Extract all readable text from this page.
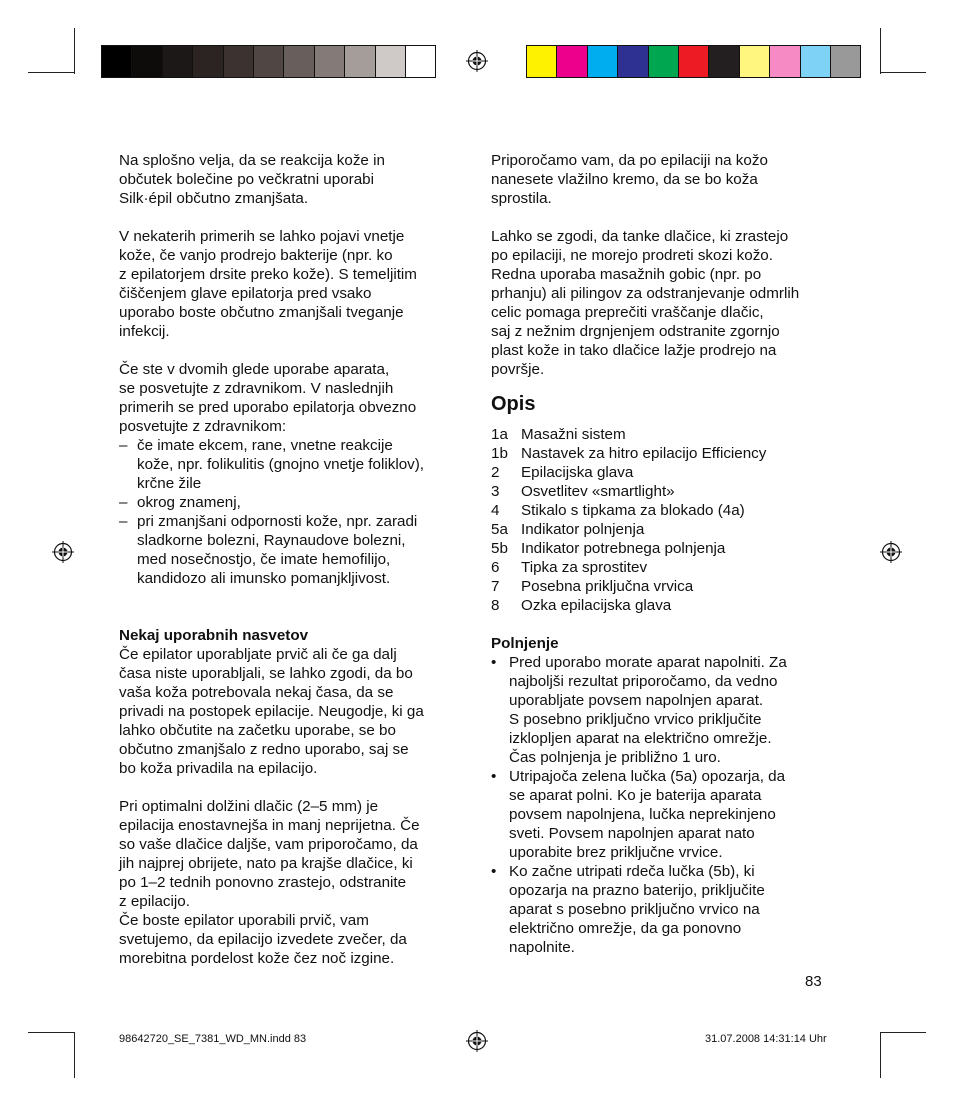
Na splošno velja, da se reakcija kože in
občutek bolečine po večkratni uporabi
Silk·épil občutno zmanjšata.

V nekaterih primerih se lahko pojavi vnetje
kože, če vanjo prodrejo bakterije (npr. ko
z epilatorjem drsite preko kože). S temeljitim
čiščenjem glave epilatorja pred vsako
uporabo boste občutno zmanjšali tveganje
infekcij.

Če ste v dvomih glede uporabe aparata,
se posvetujte z zdravnikom. V naslednjih
primerih se pred uporabo epilatorja obvezno
posvetujte z zdravnikom:

– če imate ekcem, rane, vnetne reakcije
kože, npr. folikulitis (gnojno vnetje foliklov),
krčne žile
– okrog znamenj,
– pri zmanjšani odpornosti kože, npr. zaradi
sladkorne bolezni, Raynaudove bolezni,
med nosečnostjo, če imate hemofilijo,
kandidozo ali imunsko pomanjkljivost.
Nekaj uporabnih nasvetov

Če epilator uporabljate prvič ali če ga dalj
časa niste uporabljali, se lahko zgodi, da bo
vaša koža potrebovala nekaj časa, da se
privadi na postopek epilacije. Neugodje, ki ga
lahko občutite na začetku uporabe, se bo
občutno zmanjšalo z redno uporabo, saj se
bo koža privadila na epilacijo.

Pri optimalni dolžini dlačic (2–5 mm) je
epilacija enostavnejša in manj neprijetna. Če
so vaše dlačice daljše, vam priporočamo, da
jih najprej obrijete, nato pa krajše dlačice, ki
po 1–2 tednih ponovno zrastejo, odstranite
z epilacijo.

Če boste epilator uporabili prvič, vam
svetujemo, da epilacijo izvedete zvečer, da
morebitna pordelost kože čez noč izgine.

Priporočamo vam, da po epilaciji na kožo
nanesete vlažilno kremo, da se bo koža
sprostila.

Lahko se zgodi, da tanke dlačice, ki zrastejo
po epilaciji, ne morejo prodreti skozi kožo.
Redna uporaba masažnih gobic (npr. po
prhanju) ali pilingov za odstranjevanje odmrlih
celic pomaga preprečiti vraščanje dlačic,
saj z nežnim drgnjenjem odstranite zgornjo
plast kože in tako dlačice lažje prodrejo na
površje.

Opis
1a Masažni sistem
1b Nastavek za hitro epilacijo Efficiency
2 Epilacijska glava
3 Osvetlitev «smartlight»
4 Stikalo s tipkama za blokado (4a)
5a Indikator polnjenja
5b Indikator potrebnega polnjenja
6 Tipka za sprostitev
7 Posebna priključna vrvica
8 Ozka epilacijska glava
Polnjenje
• Pred uporabo morate aparat napolniti. Za
najboljši rezultat priporočamo, da vedno
uporabljate povsem napolnjen aparat.
S posebno priključno vrvico priključite
izklopljen aparat na električno omrežje.
Čas polnjenja je približno 1 uro.
• Utripajoča zelena lučka (5a) opozarja, da
se aparat polni. Ko je baterija aparata
povsem napolnjena, lučka neprekinjeno
sveti. Povsem napolnjen aparat nato
uporabite brez priključne vrvice.
• Ko začne utripati rdeča lučka (5b), ki
opozarja na prazno baterijo, priključite
aparat s posebno priključno vrvico na
električno omrežje, da ga ponovno
napolnite.
83
98642720_SE_7381_WD_MN.indd 83	31.07.2008 14:31:14 Uhr
